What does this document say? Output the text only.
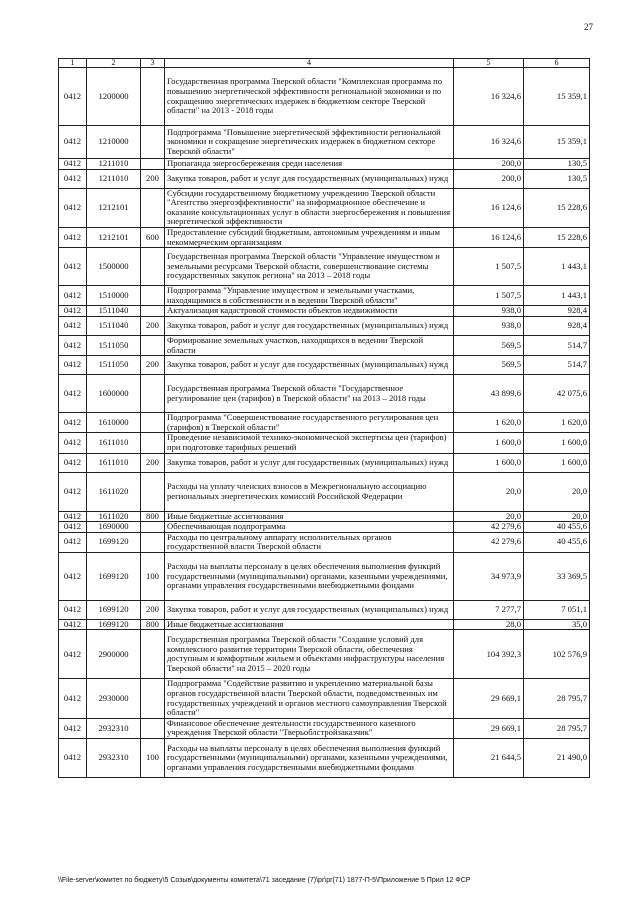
27
1	2	3	4	5	6
0412	1200000		Государственная программа Тверской области "Комплексная программа по повышению энергетической эффективности региональной экономики и по сокращению энергетических издержек в бюджетном секторе Тверской области" на 2013 - 2018 годы	16 324,6	15 359,1
0412	1210000		Подпрограмма "Повышение энергетической эффективности региональной экономики и сокращение энергетических издержек в бюджетном секторе Тверской области"	16 324,6	15 359,1
0412	1211010		Пропаганда энергосбережения среди населения	200,0	130,5
0412	1211010	200	Закупка товаров, работ и услуг для государственных (муниципальных) нужд	200,0	130,5
0412	1212101		Субсидии государственному бюджетному учреждению Тверской области "Агентство энергоэффективности" на информационное обеспечение и оказание консультационных услуг в области энергосбережения и повышения энергетической эффективности	16 124,6	15 228,6
0412	1212101	600	Предоставление субсидий бюджетным, автономным учреждениям и иным некоммерческим организациям	16 124,6	15 228,6
0412	1500000		Государственная программа Тверской области "Управление имуществом и земельными ресурсами Тверской области, совершенствование системы государственных закупок региона" на 2013 – 2018 годы	1 507,5	1 443,1
0412	1510000		Подпрограмма "Управление имуществом и земельными участками, находящимися в собственности и в ведении Тверской области"	1 507,5	1 443,1
0412	1511040		Актуализация кадастровой стоимости объектов недвижимости	938,0	928,4
0412	1511040	200	Закупка товаров, работ и услуг для государственных (муниципальных) нужд	938,0	928,4
0412	1511050		Формирование земельных участков, находящихся в ведении Тверской области	569,5	514,7
0412	1511050	200	Закупка товаров, работ и услуг для государственных (муниципальных) нужд	569,5	514,7
0412	1600000		Государственная программа Тверской области "Государственное регулирование цен (тарифов) в Тверской области" на 2013 – 2018 годы	43 899,6	42 075,6
0412	1610000		Подпрограмма "Совершенствование государственного регулирования цен (тарифов) в Тверской области"	1 620,0	1 620,0
0412	1611010		Проведение независимой технико-экономической экспертизы цен (тарифов) при подготовке тарифных решений	1 600,0	1 600,0
0412	1611010	200	Закупка товаров, работ и услуг для государственных (муниципальных) нужд	1 600,0	1 600,0
0412	1611020		Расходы на уплату членских взносов в Межрегиональную ассоциацию региональных энергетических комиссий Российской Федерации	20,0	20,0
0412	1611020	800	Иные бюджетные ассигнования	20,0	20,0
0412	1690000		Обеспечивающая подпрограмма	42 279,6	40 455,6
0412	1699120		Расходы по центральному аппарату исполнительных органов государственной власти Тверской области	42 279,6	40 455,6
0412	1699120	100	Расходы на выплаты персоналу в целях обеспечения выполнения функций государственными (муниципальными) органами, казенными учреждениями, органами управления государственными внебюджетными фондами	34 973,9	33 369,5
0412	1699120	200	Закупка товаров, работ и услуг для государственных (муниципальных) нужд	7 277,7	7 051,1
0412	1699120	800	Иные бюджетные ассигнования	28,0	35,0
0412	2900000		Государственная программа Тверской области "Создание условий для комплексного развития территории Тверской области, обеспечения доступным и комфортным жильем и объектами инфраструктуры населения Тверской области" на 2015 – 2020 годы	104 392,3	102 576,9
0412	2930000		Подпрограмма "Содействие развитию и укреплению материальной базы органов государственной власти Тверской области, подведомственных им государственных учреждений и органов местного самоуправления Тверской области"	29 669,1	28 795,7
0412	2932310		Финансовое обеспечение деятельности государственного казенного учреждения Тверской области "Тверьоблстройзаказчик"	29 669,1	28 795,7
0412	2932310	100	Расходы на выплаты персоналу в целях обеспечения выполнения функций государственными (муниципальными) органами, казенными учреждениями, органами управления государственными внебюджетными фондами	21 644,5	21 490,0
\\File-server\комитет по бюджету\5 Созыв\документы комитета\71 заседание (7)\pr\pr(71) 1877-П-5\Приложение 5 Прил 12 ФСР
